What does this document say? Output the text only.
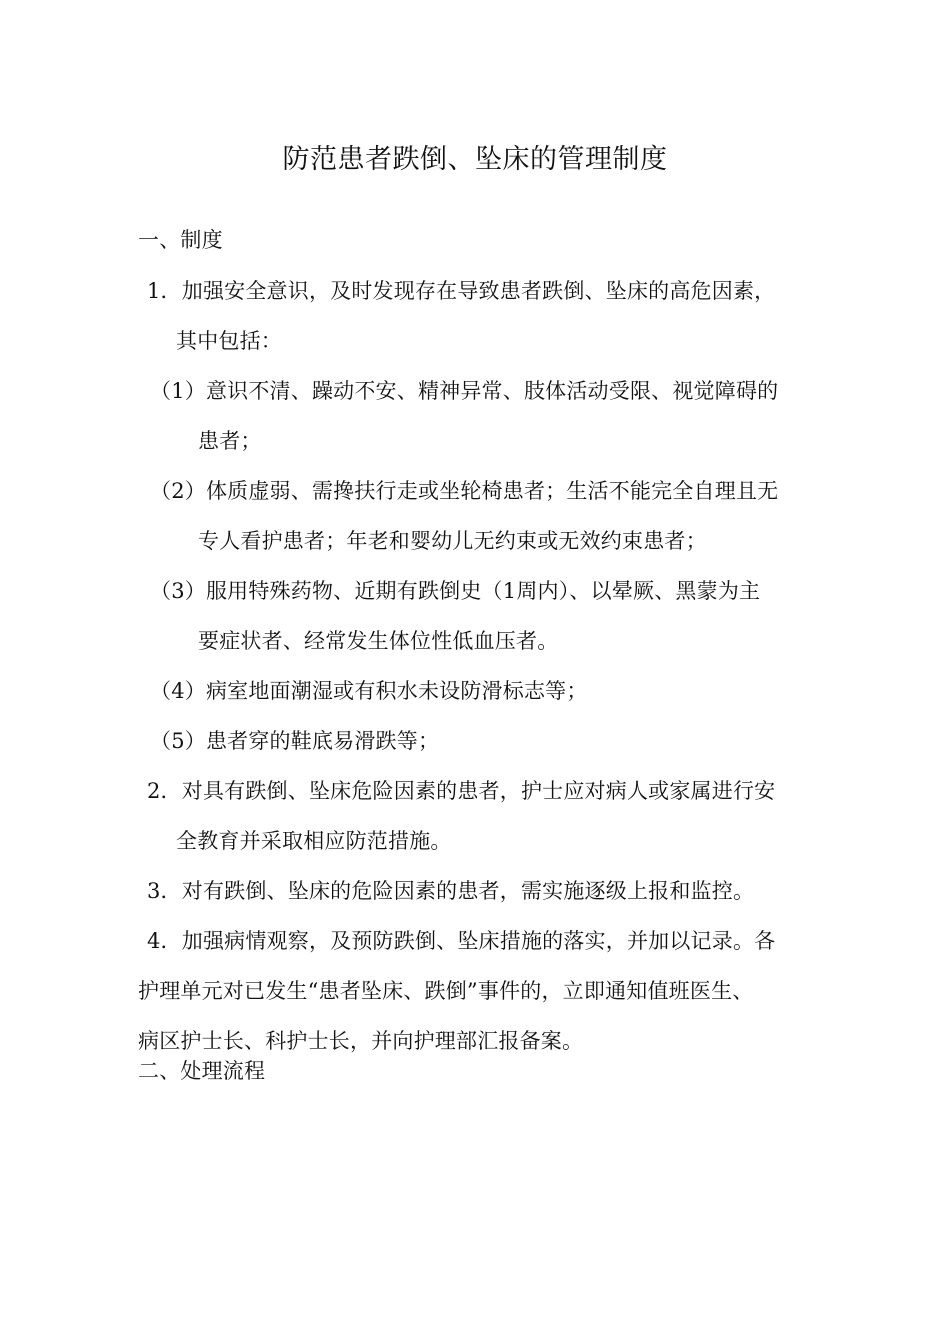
防范患者跌倒、坠床的管理制度
一、制度
1．加强安全意识，及时发现存在导致患者跌倒、坠床的高危因素，
其中包括：
（1）意识不清、躁动不安、精神异常、肢体活动受限、视觉障碍的
患者；
（2）体质虚弱、需搀扶行走或坐轮椅患者；生活不能完全自理且无
专人看护患者；年老和婴幼儿无约束或无效约束患者；
（3）服用特殊药物、近期有跌倒史（1周内）、以晕厥、黑蒙为主
要症状者、经常发生体位性低血压者。
（4）病室地面潮湿或有积水未设防滑标志等；
（5）患者穿的鞋底易滑跌等；
2．对具有跌倒、坠床危险因素的患者，护士应对病人或家属进行安
全教育并采取相应防范措施。
3．对有跌倒、坠床的危险因素的患者，需实施逐级上报和监控。
4．加强病情观察，及预防跌倒、坠床措施的落实，并加以记录。各
护理单元对已发生“患者坠床、跌倒”事件的，立即通知值班医生、
病区护士长、科护士长，并向护理部汇报备案。
二、处理流程
